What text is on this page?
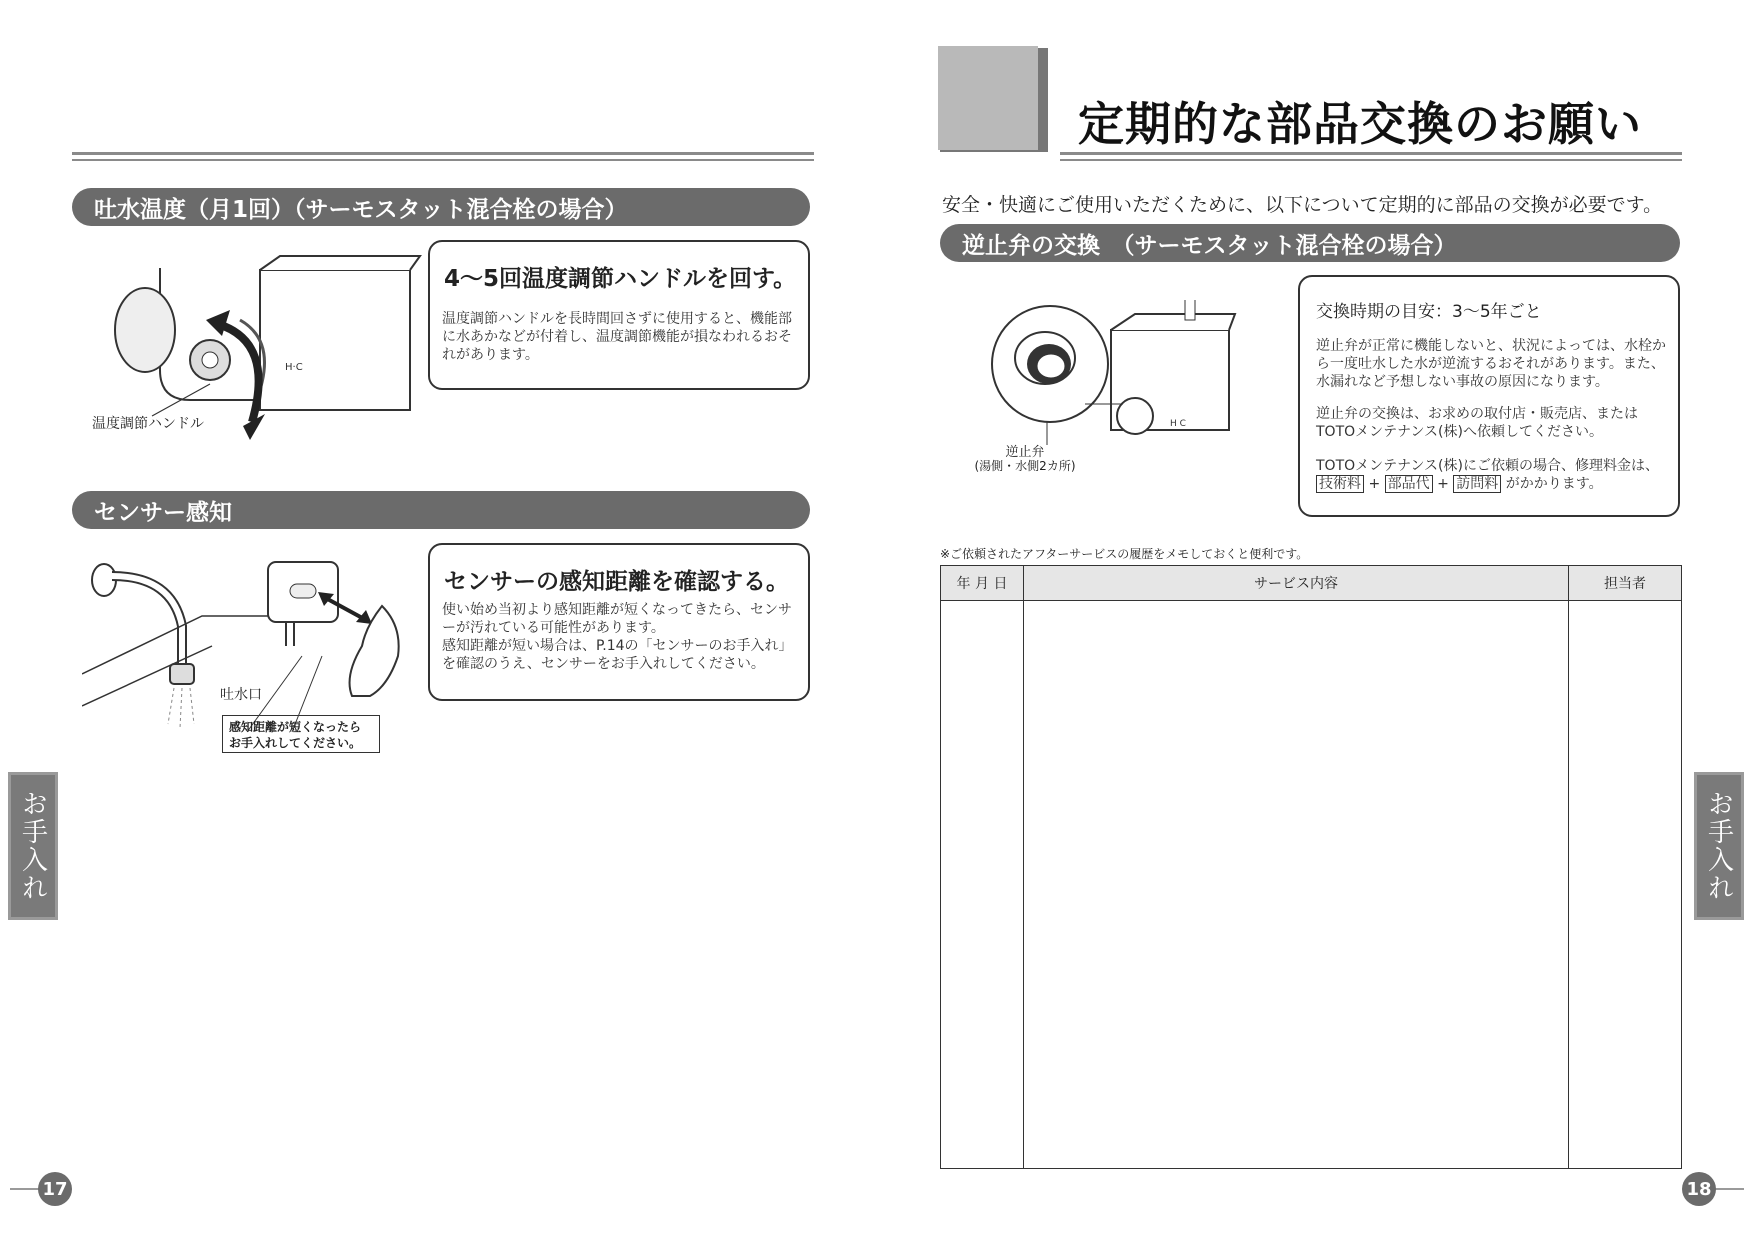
吐水温度（月1回）（サーモスタット混合栓の場合）
H·C
温度調節ハンドル
4〜5回温度調節ハンドルを回す。
温度調節ハンドルを長時間回さずに使用すると、機能部に水あかなどが付着し、温度調節機能が損なわれるおそれがあります。
センサー感知
吐水口
感知距離が短くなったら
お手入れしてください。
センサーの感知距離を確認する。
使い始め当初より感知距離が短くなってきたら、センサーが汚れている可能性があります。
感知距離が短い場合は、P.14の「センサーのお手入れ」を確認のうえ、センサーをお手入れしてください。
お手入れ
17
定期的な部品交換のお願い
安全・快適にご使用いただくために、以下について定期的に部品の交換が必要です。
逆止弁の交換　（サーモスタット混合栓の場合）
H C
逆止弁
(湯側・水側2カ所)
交換時期の目安：3〜5年ごと
逆止弁が正常に機能しないと、状況によっては、水栓から一度吐水した水が逆流するおそれがあります。また、水漏れなど予想しない事故の原因になります。
逆止弁の交換は、お求めの取付店・販売店、またはTOTOメンテナンス(株)へ依頼してください。
TOTOメンテナンス(株)にご依頼の場合、修理料金は、
技術料 + 部品代 + 訪問料 がかかります。
※ご依頼されたアフターサービスの履歴をメモしておくと便利です。
年 月 日	サービス内容	担当者

お手入れ
18
